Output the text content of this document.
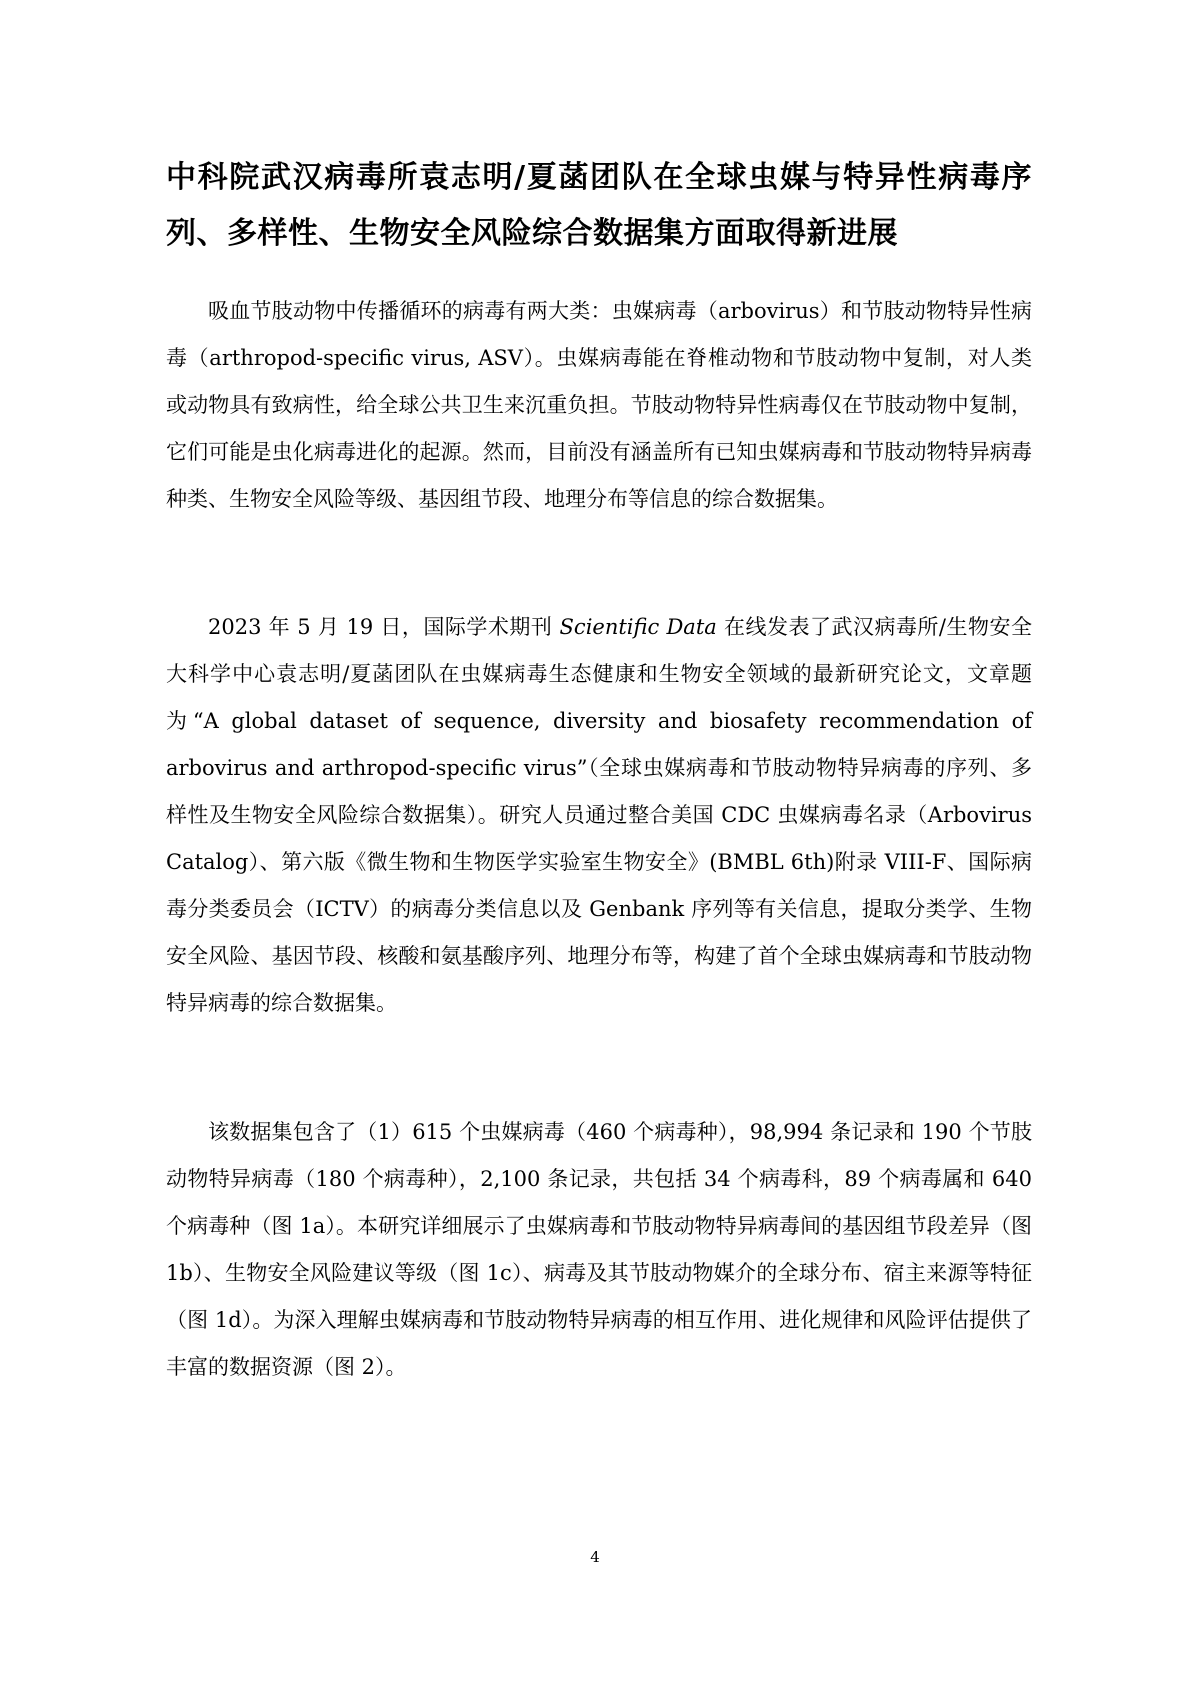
中科院武汉病毒所袁志明/夏菡团队在全球虫媒与特异性病毒序列、多样性、生物安全风险综合数据集方面取得新进展

吸血节肢动物中传播循环的病毒有两大类：虫媒病毒（arbovirus）和节肢动物特异性病毒（arthropod-specific virus, ASV）。虫媒病毒能在脊椎动物和节肢动物中复制，对人类或动物具有致病性，给全球公共卫生来沉重负担。节肢动物特异性病毒仅在节肢动物中复制，它们可能是虫化病毒进化的起源。然而，目前没有涵盖所有已知虫媒病毒和节肢动物特异病毒种类、生物安全风险等级、基因组节段、地理分布等信息的综合数据集。

2023 年 5 月 19 日，国际学术期刊 Scientific Data 在线发表了武汉病毒所/生物安全大科学中心袁志明/夏菡团队在虫媒病毒生态健康和生物安全领域的最新研究论文，文章题为“A global dataset of sequence, diversity and biosafety recommendation of arbovirus and arthropod-specific virus”（全球虫媒病毒和节肢动物特异病毒的序列、多样性及生物安全风险综合数据集）。研究人员通过整合美国 CDC 虫媒病毒名录（Arbovirus Catalog）、第六版《微生物和生物医学实验室生物安全》(BMBL 6th)附录 VIII-F、国际病毒分类委员会（ICTV）的病毒分类信息以及 Genbank 序列等有关信息，提取分类学、生物安全风险、基因节段、核酸和氨基酸序列、地理分布等，构建了首个全球虫媒病毒和节肢动物特异病毒的综合数据集。

该数据集包含了（1）615 个虫媒病毒（460 个病毒种），98,994 条记录和 190 个节肢动物特异病毒（180 个病毒种），2,100 条记录，共包括 34 个病毒科，89 个病毒属和 640 个病毒种（图 1a）。本研究详细展示了虫媒病毒和节肢动物特异病毒间的基因组节段差异（图 1b）、生物安全风险建议等级（图 1c）、病毒及其节肢动物媒介的全球分布、宿主来源等特征（图 1d）。为深入理解虫媒病毒和节肢动物特异病毒的相互作用、进化规律和风险评估提供了丰富的数据资源（图 2）。

4
